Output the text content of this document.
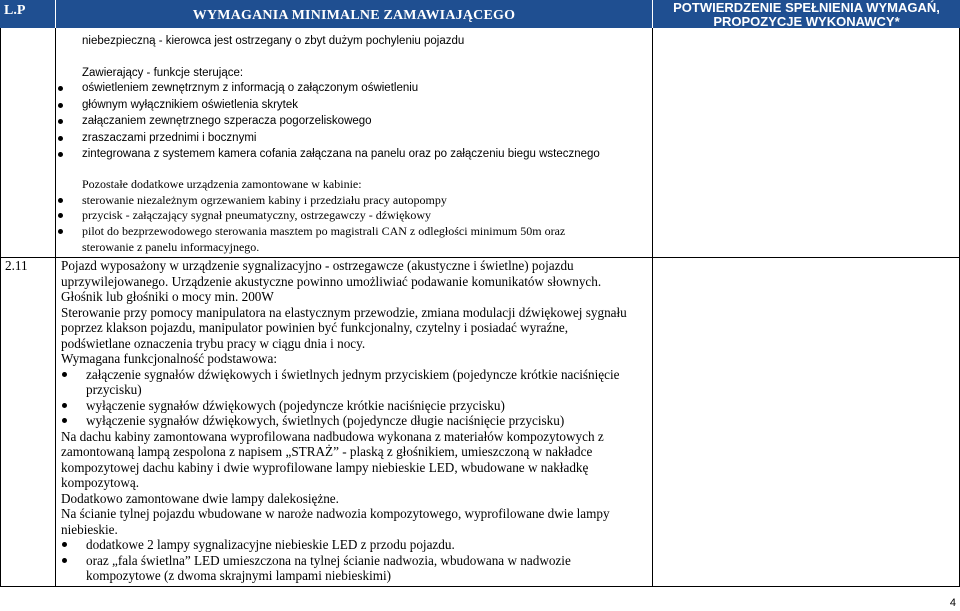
L.P	WYMAGANIA MINIMALNE ZAMAWIAJĄCEGO
POTWIERDZENIE SPEŁNIENIA WYMAGAŃ,
PROPOZYCJE WYKONAWCY*
niebezpieczną - kierowca jest ostrzegany o zbyt dużym pochyleniu pojazdu
Zawierający - funkcje sterujące:
oświetleniem zewnętrznym z informacją o załączonym oświetleniu
głównym wyłącznikiem oświetlenia skrytek
załączaniem zewnętrznego szperacza pogorzeliskowego
zraszaczami przednimi i bocznymi
zintegrowana z systemem kamera cofania załączana na panelu oraz po załączeniu biegu wstecznego
Pozostałe dodatkowe urządzenia zamontowane w kabinie:
sterowanie niezależnym ogrzewaniem kabiny i przedziału pracy autopompy
przycisk - załączający sygnał pneumatyczny, ostrzegawczy - dźwiękowy
pilot do bezprzewodowego sterowania masztem po magistrali CAN z odległości minimum 50m oraz
sterowanie z panelu informacyjnego.
2.11	Pojazd wyposażony w urządzenie sygnalizacyjno - ostrzegawcze (akustyczne i świetlne) pojazdu
uprzywilejowanego. Urządzenie akustyczne powinno umożliwiać podawanie komunikatów słownych.
Głośnik lub głośniki o mocy min. 200W
Sterowanie przy pomocy manipulatora na elastycznym przewodzie, zmiana modulacji dźwiękowej sygnału
poprzez klakson pojazdu, manipulator powinien być funkcjonalny, czytelny i posiadać wyraźne,
podświetlane oznaczenia trybu pracy w ciągu dnia i nocy.
Wymagana funkcjonalność podstawowa:
załączenie sygnałów dźwiękowych i świetlnych jednym przyciskiem (pojedyncze krótkie naciśnięcie
przycisku)
wyłączenie sygnałów dźwiękowych (pojedyncze krótkie naciśnięcie przycisku)
wyłączenie sygnałów dźwiękowych, świetlnych (pojedyncze długie naciśnięcie przycisku)
Na dachu kabiny zamontowana wyprofilowana nadbudowa wykonana z materiałów kompozytowych z
zamontowaną lampą zespolona z napisem „STRAŻ” - plaską z głośnikiem, umieszczoną w nakładce
kompozytowej dachu kabiny i dwie wyprofilowane lampy niebieskie LED, wbudowane w nakładkę
kompozytową.
Dodatkowo zamontowane dwie lampy dalekosiężne.
Na ścianie tylnej pojazdu wbudowane w narożе nadwozia kompozytowego, wyprofilowane dwie lampy
niebieskie.
dodatkowe 2 lampy sygnalizacyjne niebieskie LED z przodu pojazdu.
oraz „fala świetlna” LED umieszczona na tylnej ścianie nadwozia, wbudowana w nadwozie
kompozytowe (z dwoma skrajnymi lampami niebieskimi)
4
